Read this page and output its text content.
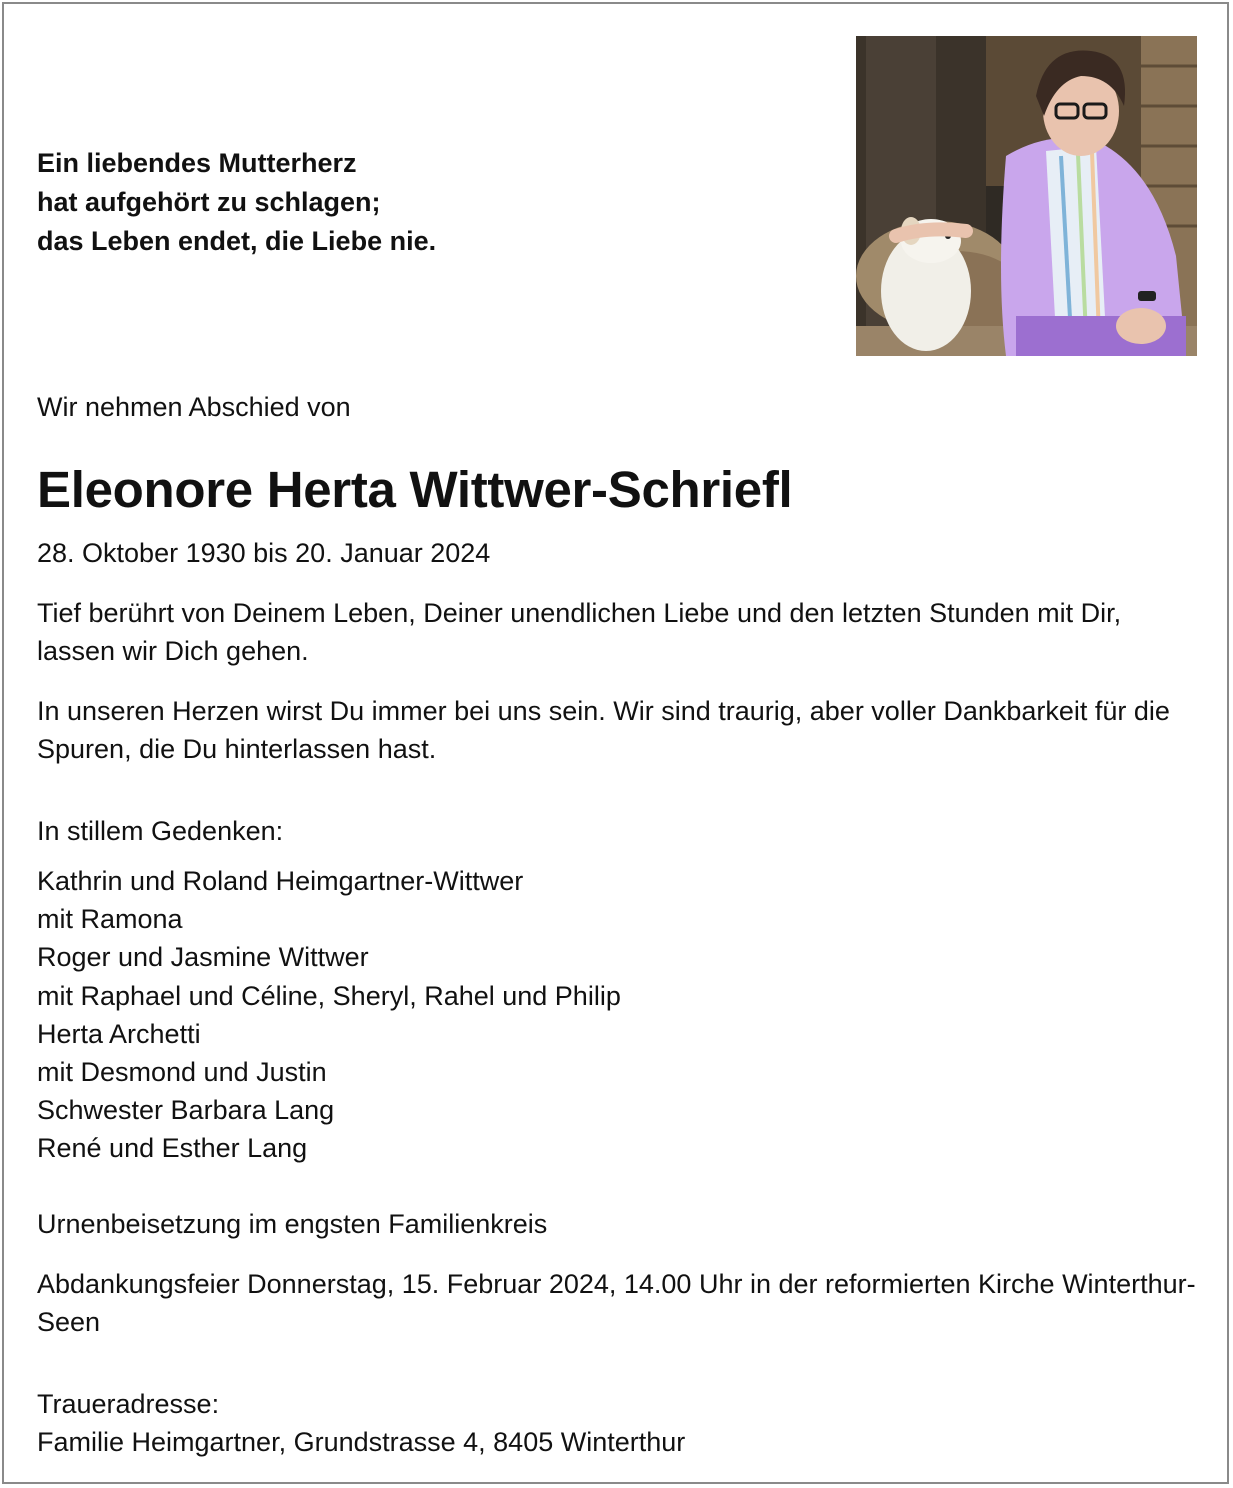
Ein liebendes Mutterherz
hat aufgehört zu schlagen;
das Leben endet, die Liebe nie.

Wir nehmen Abschied von

Eleonore Herta Wittwer-Schriefl

28. Oktober 1930 bis 20. Januar 2024

Tief berührt von Deinem Leben, Deiner unendlichen Liebe und den letzten Stunden mit Dir, lassen wir Dich gehen.

In unseren Herzen wirst Du immer bei uns sein. Wir sind traurig, aber voller Dankbarkeit für die Spuren, die Du hinterlassen hast.

In stillem Gedenken:

Kathrin und Roland Heimgartner-Wittwer
mit Ramona
Roger und Jasmine Wittwer
mit Raphael und Céline, Sheryl, Rahel und Philip
Herta Archetti
mit Desmond und Justin
Schwester Barbara Lang
René und Esther Lang

Urnenbeisetzung im engsten Familienkreis

Abdankungsfeier Donnerstag, 15. Februar 2024, 14.00 Uhr in der reformierten Kirche Winterthur-Seen

Traueradresse:

Familie Heimgartner, Grundstrasse 4, 8405 Winterthur
